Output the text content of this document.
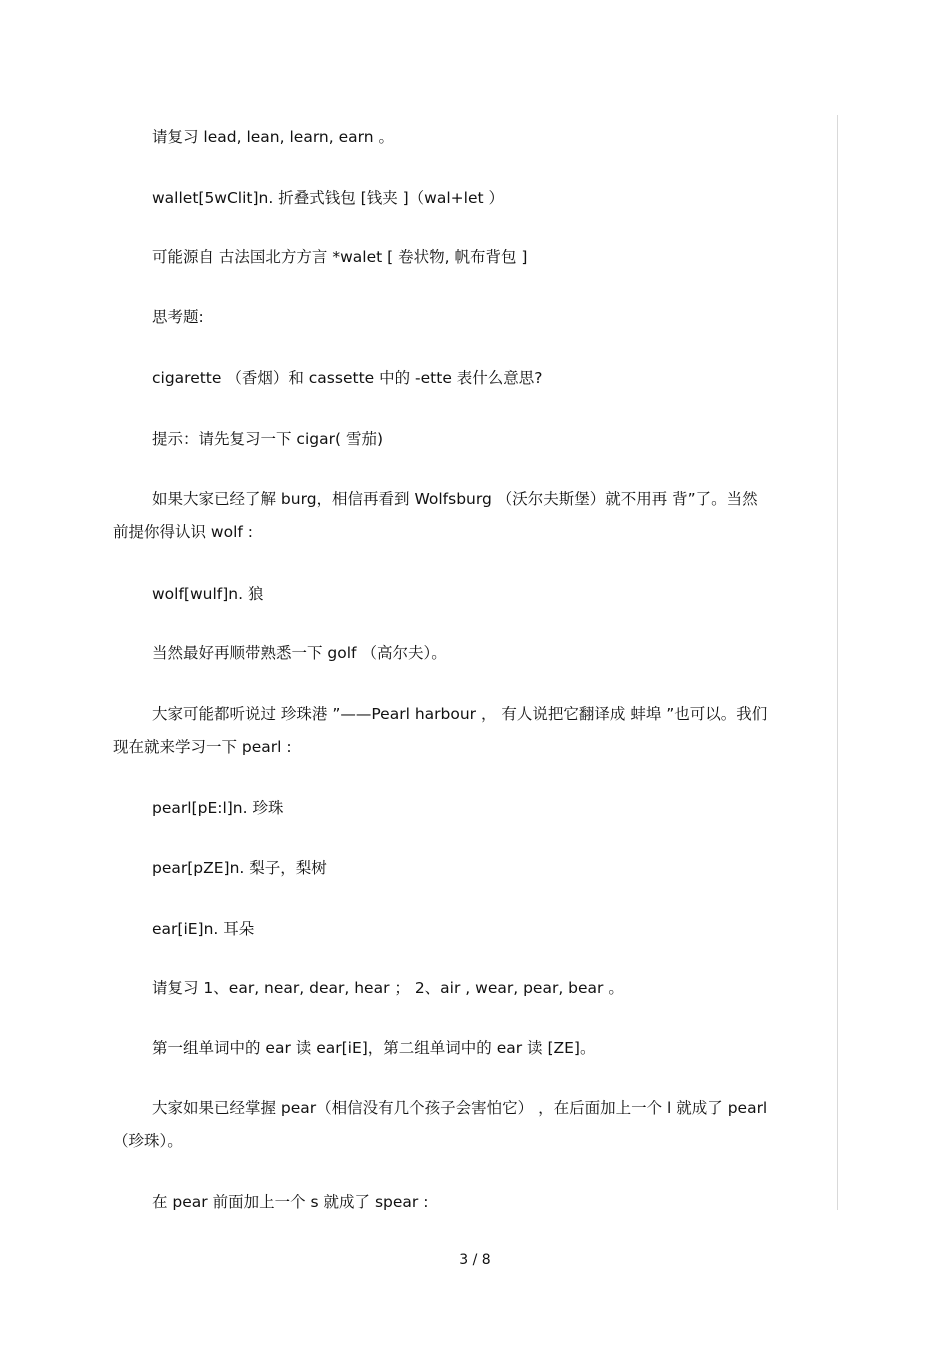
请复习 lead, lean, learn, earn 。

wallet[5wClit]n. 折叠式钱包 [钱夹 ]（wal+let ）

可能源自 古法国北方方言 *walet [ 卷状物, 帆布背包 ]

思考题:

cigarette （香烟）和 cassette 中的 -ette 表什么意思?

提示：请先复习一下 cigar( 雪茄)

如果大家已经了解 burg，相信再看到 Wolfsburg （沃尔夫斯堡）就不用再 背”了。当然

前提你得认识 wolf :

wolf[wulf]n. 狼

当然最好再顺带熟悉一下 golf （高尔夫）。

大家可能都听说过 珍珠港 ”——Pearl harbour ， 有人说把它翻译成 蚌埠 ”也可以。我们

现在就来学习一下 pearl :

pearl[pE:l]n. 珍珠

pear[pZE]n. 梨子，梨树

ear[iE]n. 耳朵

请复习 1、ear, near, dear, hear ； 2、air , wear, pear, bear 。

第一组单词中的 ear 读 ear[iE]，第二组单词中的 ear 读 [ZE]。

大家如果已经掌握 pear（相信没有几个孩子会害怕它） ，在后面加上一个 l 就成了 pearl

（珍珠）。

在 pear 前面加上一个 s 就成了 spear :

3 / 8
